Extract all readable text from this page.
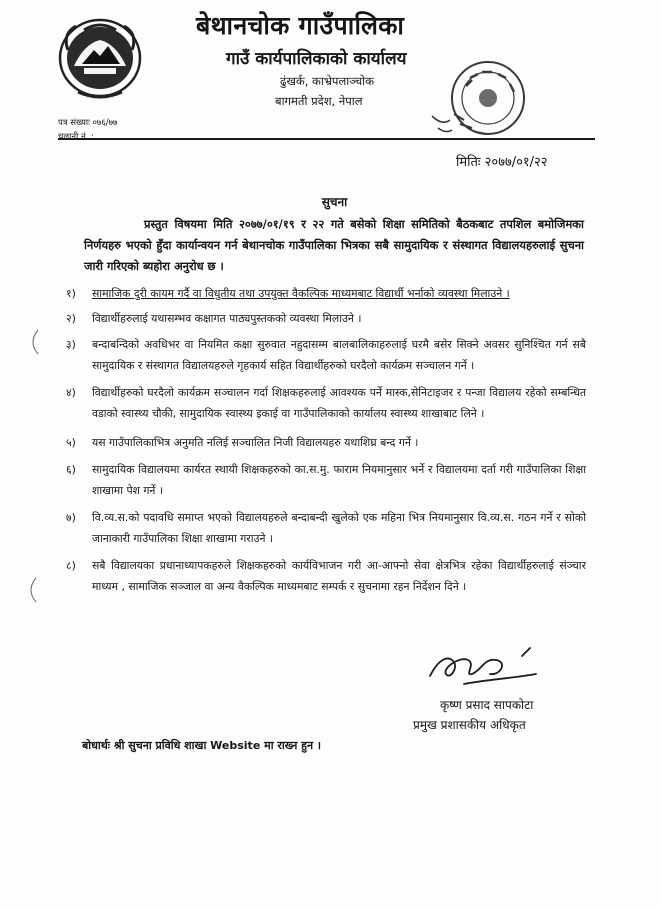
बेथानचोक गाउँपालिका
गाउँ कार्यपालिकाको कार्यालय
ढुंखर्क, काभ्रेपलाञ्चोक
बागमती प्रदेश, नेपाल
पत्र संख्याः ०७६/७७
चलानी नं. :
मितिः २०७७/०१/२२
सुचना
प्रस्तुत विषयमा मिति २०७७/०१/१९ र २२ गते बसेको शिक्षा समितिको बैठकबाट तपशिल बमोजिमका निर्णयहरु भएको हुँदा कार्यान्वयन गर्न बेथानचोक गाउँपालिका भित्रका सबै सामुदायिक र संस्थागत विद्यालयहरुलाई सुचना जारी गरिएको ब्यहोरा अनुरोध छ ।
१) सामाजिक दुरी कायम गर्दै वा विधुतीय तथा उपयुक्त वैकल्पिक माध्यमबाट विद्यार्थी भर्नाको व्यवस्था मिलाउने ।
२) विद्यार्थीहरुलाई यथासम्भव कक्षागत पाठ्यपुस्तकको व्यवस्था मिलाउने ।
३) बन्दाबन्दिको अवधिभर वा नियमित कक्षा सुरुवात नहुदासम्म बालबालिकाहरुलाई घरमै बसेर सिक्ने अवसर सुनिश्चित गर्न सबै सामुदायिक र संस्थागत विद्यालयहरुले गृहकार्य सहित विद्यार्थीहरुको घरदैलो कार्यक्रम सञ्चालन गर्ने ।
४) विद्यार्थीहरुको घरदैलो कार्यक्रम सञ्चालन गर्दा शिक्षकहरुलाई आवश्यक पर्ने मास्क,सेनिटाइजर र पन्जा विद्यालय रहेको सम्बन्धित वडाको स्वास्थ्य चौकी, सामुदायिक स्वास्थ्य इकाई वा गाउँपालिकाको कार्यालय स्वास्थ्य शाखाबाट लिने ।
५) यस गाउँपालिकाभित्र अनुमति नलिई सञ्चालित निजी विद्यालयहरु यथाशिघ्र बन्द गर्ने ।
६) सामुदायिक विद्यालयमा कार्यरत स्थायी शिक्षकहरुको का.स.मु. फाराम नियमानुसार भर्ने र विद्यालयमा दर्ता गरी गाउँपालिका शिक्षा शाखामा पेश गर्ने ।
७) वि.व्य.स.को पदावधि समाप्त भएको विद्यालयहरुले बन्दाबन्दी खुलेको एक महिना भित्र नियमानुसार वि.व्य.स. गठन गर्ने र सोको जानाकारी गाउँपालिका शिक्षा शाखामा गराउने ।
८) सबै विद्यालयका प्रधानाध्यापकहरुले शिक्षकहरुको कार्यविभाजन गरी आ-आफ्नो सेवा क्षेत्रभित्र रहेका विद्यार्थीहरुलाई संञ्चार माध्यम , सामाजिक सञ्जाल वा अन्य वैकल्पिक माध्यमबाट सम्पर्क र सुचनामा रहन निर्देशन दिने ।
कृष्ण प्रसाद सापकोटा
प्रमुख प्रशासकीय अधिकृत
बोधार्थः श्री सुचना प्रविधि शाखा Website मा राख्न हुन ।
